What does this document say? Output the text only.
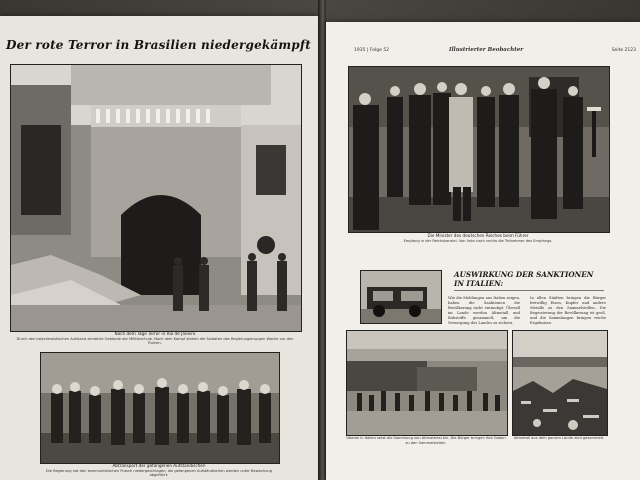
Der rote Terror in Brasilien niedergekämpft
Nach dem Tage Terror in Rio de Janeiro
Durch den bolschewistischen Aufstand zerstörte Gebäude der Militärschule. Nach dem Kampf stehen die Soldaten des Regierungstruppen Wache vor den Ruinen.
Abtransport der gefangenen Aufständischen
Die Regierung hat den kommunistischen Putsch niedergeschlagen; die gefangenen Aufständischen werden unter Bewachung abgeführt.
1935 | Folge 52	Illustrierter Beobachter	Seite 2123
Die Minister des deutschen Reiches beim Führer
Empfang in der Reichskanzlei. Von links nach rechts die Teilnehmer des Empfangs.
AUSWIRKUNG DER SANKTIONEN IN ITALIEN:
Wie die Meldungen aus Italien zeigen, haben die Sanktionen die Bevölkerung nicht entmutigt. Überall im Lande werden Altmetall und Rohstoffe gesammelt, um die Versorgung des Landes zu sichern.
In allen Städten bringen die Bürger freiwillig Eisen, Kupfer und andere Metalle zu den Sammelstellen. Die Begeisterung der Bevölkerung ist groß, und die Sammlungen bringen reiche Ergebnisse.
Überall in Italien setzt die Sammlung von Altmaterial ein. Die Bürger bringen ihre Gaben zu den Sammelstellen.
Altmetall aus dem ganzen Lande wird gesammelt.
